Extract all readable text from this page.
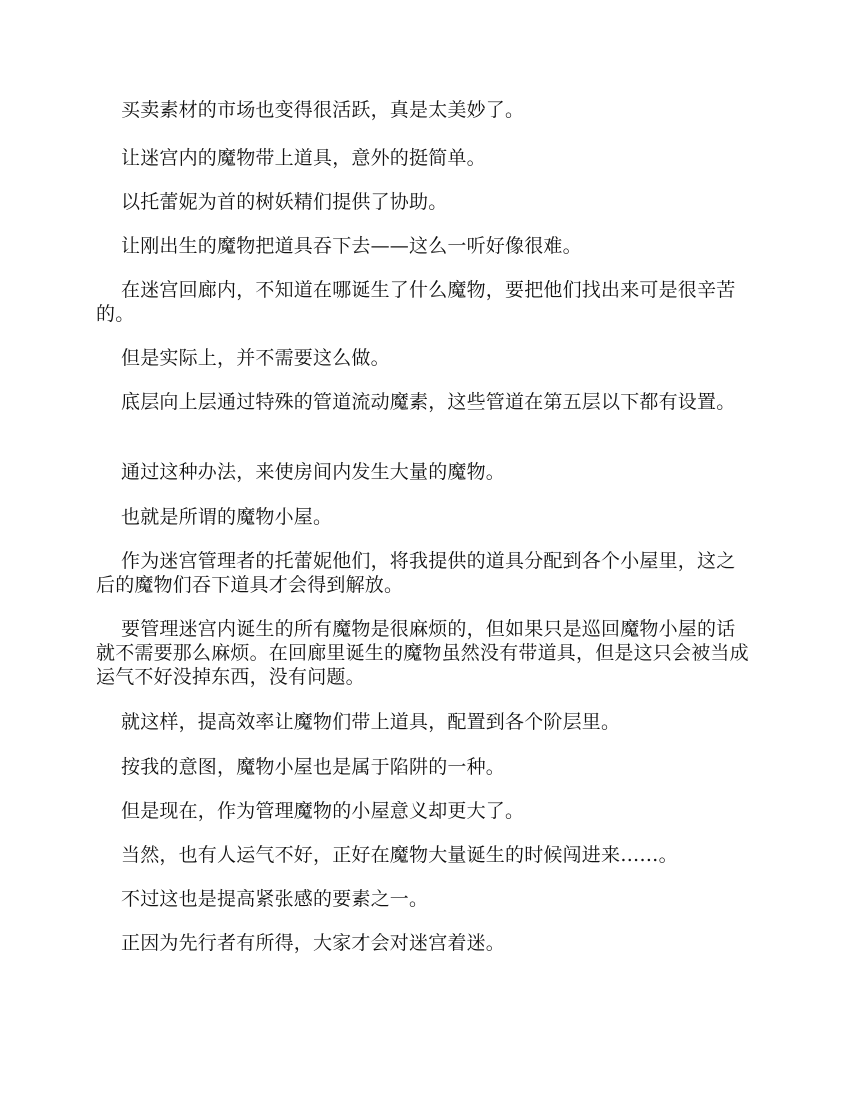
买卖素材的市场也变得很活跃，真是太美妙了。

让迷宫内的魔物带上道具，意外的挺简单。

以托蕾妮为首的树妖精们提供了协助。

让刚出生的魔物把道具吞下去——这么一听好像很难。

在迷宫回廊内，不知道在哪诞生了什么魔物，要把他们找出来可是很辛苦的。

但是实际上，并不需要这么做。

底层向上层通过特殊的管道流动魔素，这些管道在第五层以下都有设置。

通过这种办法，来使房间内发生大量的魔物。

也就是所谓的魔物小屋。

作为迷宫管理者的托蕾妮他们，将我提供的道具分配到各个小屋里，这之后的魔物们吞下道具才会得到解放。

要管理迷宫内诞生的所有魔物是很麻烦的，但如果只是巡回魔物小屋的话就不需要那么麻烦。在回廊里诞生的魔物虽然没有带道具，但是这只会被当成运气不好没掉东西，没有问题。

就这样，提高效率让魔物们带上道具，配置到各个阶层里。

按我的意图，魔物小屋也是属于陷阱的一种。

但是现在，作为管理魔物的小屋意义却更大了。

当然，也有人运气不好，正好在魔物大量诞生的时候闯进来……。

不过这也是提高紧张感的要素之一。

正因为先行者有所得，大家才会对迷宫着迷。
